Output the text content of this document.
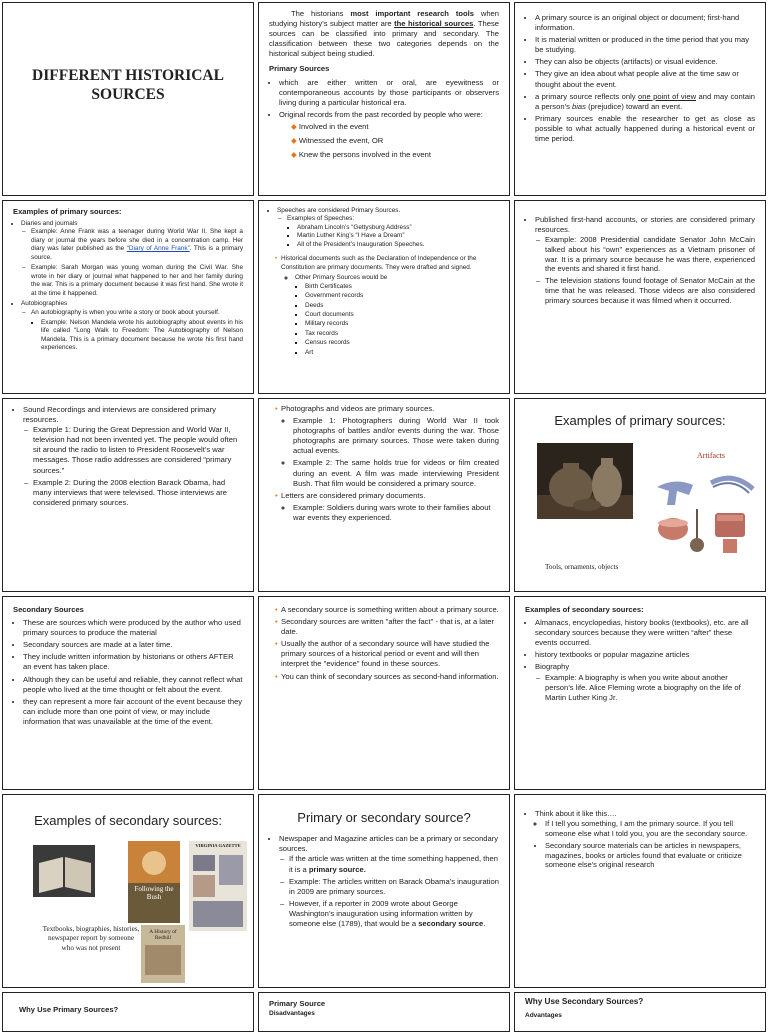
DIFFERENT HISTORICAL
SOURCES

The historians most important research tools when studying history’s subject matter are the historical sources. These sources can be classified into primary and secondary. The classification between these two categories depends on the historical subject being studied.

Primary Sources
• which are either written or oral, are eyewitness or contemporaneous accounts by those participants or observers living during a particular historical era.
• Original records from the past recorded by people who were:
◆ Involved in the event
◆ Witnessed the event, OR
◆ Knew the persons involved in the event
• A primary source is an original object or document; first-hand information.
• It is material written or produced in the time period that you may be studying.
• They can also be objects (artifacts) or visual evidence.
• They give an idea about what people alive at the time saw or thought about the event.
• a primary source reflects only one point of view and may contain a person’s bias (prejudice) toward an event.
• Primary sources enable the researcher to get as close as possible to what actually happened during a historical event or time period.
Examples of primary sources:
• Diaries and journals
– Example: Anne Frank was a teenager during World War II. She kept a diary or journal the years before she died in a concentration camp. Her diary was later published as the “Diary of Anne Frank”. This is a primary source.
– Example: Sarah Morgan was young woman during the Civil War. She wrote in her diary or journal what happened to her and her family during the war. This is a primary document because it was first hand. She wrote it at the time it happened.
• Autobiographies
– An autobiography is when you write a story or book about yourself.
▪ Example: Nelson Mandela wrote his autobiography about events in his life called “Long Walk to Freedom: The Autobiography of Nelson Mandela. This is a primary document because he wrote his first hand experiences.
• Speeches are considered Primary Sources.
– Examples of Speeches:
▪ Abraham Lincoln’s “Gettysburg Address”
▪ Martin Luther King’s “I Have a Dream”
▪ All of the President’s Inauguration Speeches.
• Historical documents such as the Declaration of Independence or the Constitution are primary documents. They were drafted and signed.
◦ Other Primary Sources would be
▪ Birth Certificates
▪ Government records
▪ Deeds
▪ Court documents
▪ Military records
▪ Tax records
▪ Census records
▪ Art
• Published first-hand accounts, or stories are considered primary resources.
– Example: 2008 Presidential candidate Senator John McCain talked about his “own” experiences as a Vietnam prisoner of war. It is a primary source because he was there, experienced the events and shared it first hand.
– The television stations found footage of Senator McCain at the time that he was released. Those videos are also considered primary sources because it was filmed when it occurred.
• Sound Recordings and interviews are considered primary resources.
– Example 1: During the Great Depression and World War II, television had not been invented yet. The people would often sit around the radio to listen to President Roosevelt’s war messages. Those radio addresses are considered “primary sources.”
– Example 2: During the 2008 election Barack Obama, had many interviews that were televised. Those interviews are considered primary sources.
• Photographs and videos are primary sources.
◦ Example 1: Photographers during World War II took photographs of battles and/or events during the war. Those photographs are primary sources. Those were taken during actual events.
◦ Example 2: The same holds true for videos or film created during an event. A film was made interviewing President Bush. That film would be considered a primary source.
• Letters are considered primary documents.
◦ Example: Soldiers during wars wrote to their families about war events they experienced.
Examples of primary sources:
Artifacts
Tools, ornaments, objects
Secondary Sources
• These are sources which were produced by the author who used primary sources to produce the material
• Secondary sources are made at a later time.
• They include written information by historians or others AFTER an event has taken place.
• Although they can be useful and reliable, they cannot reflect what people who lived at the time thought or felt about the event.
• they can represent a more fair account of the event because they can include more than one point of view, or may include information that was unavailable at the time of the event.
• A secondary source is something written about a primary source.
• Secondary sources are written "after the fact" - that is, at a later date.
• Usually the author of a secondary source will have studied the primary sources of a historical period or event and will then interpret the "evidence" found in these sources.
• You can think of secondary sources as second-hand information.
Examples of secondary sources:
• Almanacs, encyclopedias, history books (textbooks), etc. are all secondary sources because they were written “after” these events occurred.
• history textbooks or popular magazine articles
• Biography
– Example: A biography is when you write about another person’s life. Alice Fleming wrote a biography on the life of Martin Luther King Jr.
Examples of secondary sources:
Following the Bush
VIRGINIA GAZETTE
A History of Redhill
Textbooks, biographies, histories, newspaper report by someone who was not present
Primary or secondary source?
• Newspaper and Magazine articles can be a primary or secondary sources.
– If the article was written at the time something happened, then it is a primary source.
– Example: The articles written on Barack Obama’s inauguration in 2009 are primary sources.
– However, if a reporter in 2009 wrote about George Washington’s inauguration using information written by someone else (1789), that would be a secondary source.
• Think about it like this….
◦ If I tell you something, I am the primary source. If you tell someone else what I told you, you are the secondary source.
• Secondary source materials can be articles in newspapers, magazines, books or articles found that evaluate or criticize someone else's original research
Why Use Primary Sources?
Primary Source
Disadvantages
Why Use Secondary Sources?
Advantages
